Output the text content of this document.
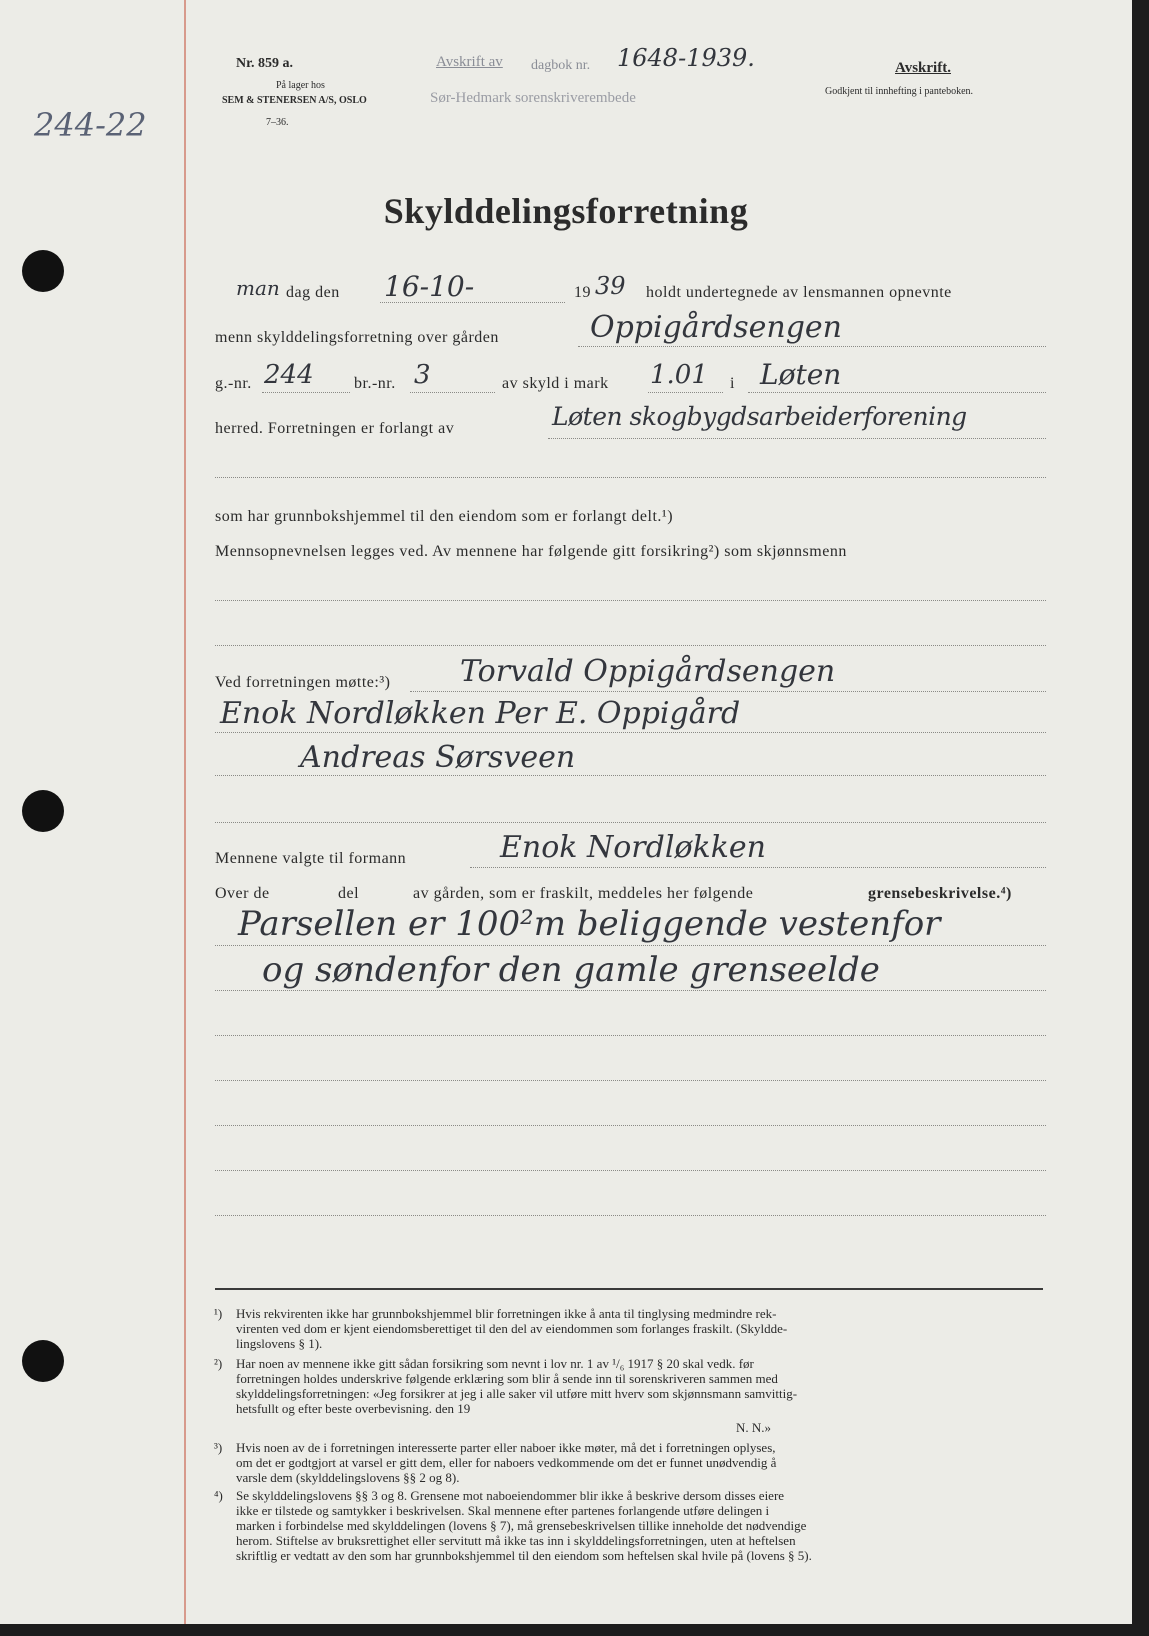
Nr. 859 a.
På lager hos
SEM & STENERSEN A/S, OSLO
7–36.
Avskrift av dagbok nr. 1648-1939.
Sør-Hedmark sorenskriverembede
Avskrift.
Godkjent til innhefting i panteboken.
244-22
Skylddelingsforretning
man dag den 16-10-	19 39 holdt undertegnede av lensmannen opnevnte
menn skylddelingsforretning over gården	Oppigårdsengen
g.-nr. 244	br.-nr. 3	av skyld i mark 1.01 i Løten
herred. Forretningen er forlangt av	Løten skogbygdsarbeiderforening
som har grunnbokshjemmel til den eiendom som er forlangt delt.¹)
Mennsopnevnelsen legges ved. Av mennene har følgende gitt forsikring²) som skjønnsmenn
Ved forretningen møtte:³) Torvald Oppigårdsengen
Enok Nordløkken Per E. Oppigård
Andreas Sørsveen
Mennene valgte til formann	Enok Nordløkken
Over de	del	av gården, som er fraskilt, meddeles her følgende	grensebeskrivelse.⁴)
Parsellen er 100²m beliggende vestenfor
og søndenfor den gamle grenseelde
¹) Hvis rekvirenten ikke har grunnbokshjemmel blir forretningen ikke å anta til tinglysing medmindre rek-
virenten ved dom er kjent eiendomsberettiget til den del av eiendommen som forlanges fraskilt. (Skyldde-
lingslovens § 1).
²) Har noen av mennene ikke gitt sådan forsikring som nevnt i lov nr. 1 av ¹/₆ 1917 § 20 skal vedk. før
forretningen holdes underskrive følgende erklæring som blir å sende inn til sorenskriveren sammen med
skylddelingsforretningen: «Jeg forsikrer at jeg i alle saker vil utføre mitt hverv som skjønnsmann samvittig-
hetsfullt og efter beste overbevisning. den 19
N. N.»
³) Hvis noen av de i forretningen interesserte parter eller naboer ikke møter, må det i forretningen oplyses,
om det er godtgjort at varsel er gitt dem, eller for naboers vedkommende om det er funnet unødvendig å
varsle dem (skylddelingslovens §§ 2 og 8).
⁴) Se skylddelingslovens §§ 3 og 8. Grensene mot naboeiendommer blir ikke å beskrive dersom disses eiere
ikke er tilstede og samtykker i beskrivelsen. Skal mennene efter partenes forlangende utføre delingen i
marken i forbindelse med skylddelingen (lovens § 7), må grensebeskrivelsen tillike inneholde det nødvendige
herom. Stiftelse av bruksrettighet eller servitutt må ikke tas inn i skylddelingsforretningen, uten at heftelsen
skriftlig er vedtatt av den som har grunnbokshjemmel til den eiendom som heftelsen skal hvile på (lovens § 5).
